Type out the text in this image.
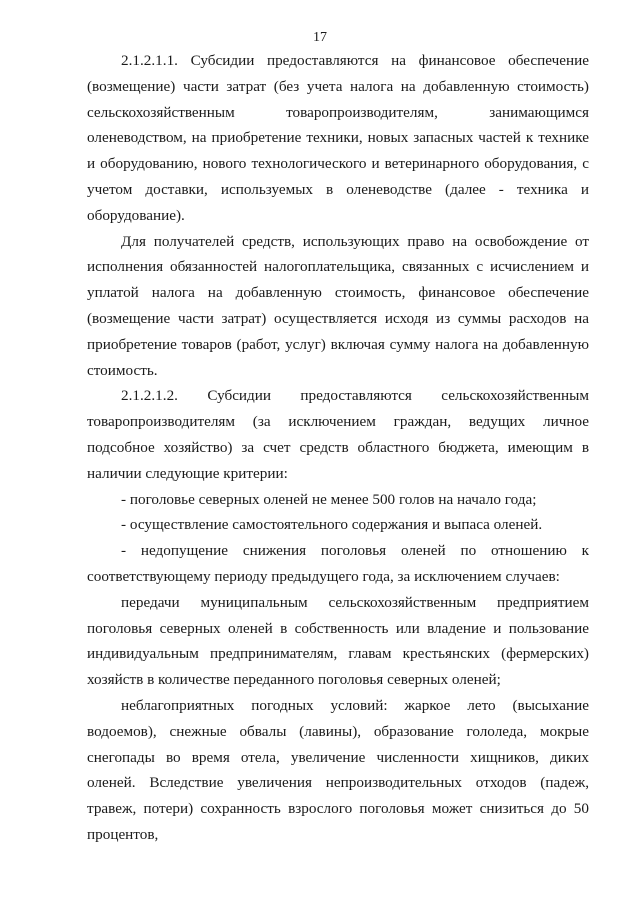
17

2.1.2.1.1. Субсидии предоставляются на финансовое обеспечение (возмещение) части затрат (без учета налога на добавленную стоимость) сельскохозяйственным товаропроизводителям, занимающимся оленеводством, на приобретение техники, новых запасных частей к технике и оборудованию, нового технологического и ветеринарного оборудования, с учетом доставки, используемых в оленеводстве (далее - техника и оборудование).

Для получателей средств, использующих право на освобождение от исполнения обязанностей налогоплательщика, связанных с исчислением и уплатой налога на добавленную стоимость, финансовое обеспечение (возмещение части затрат) осуществляется исходя из суммы расходов на приобретение товаров (работ, услуг) включая сумму налога на добавленную стоимость.

2.1.2.1.2. Субсидии предоставляются сельскохозяйственным товаропроизводителям (за исключением граждан, ведущих личное подсобное хозяйство) за счет средств областного бюджета, имеющим в наличии следующие критерии:

- поголовье северных оленей не менее 500 голов на начало года;

- осуществление самостоятельного содержания и выпаса оленей.

- недопущение снижения поголовья оленей по отношению к соответствующему периоду предыдущего года, за исключением случаев:

передачи муниципальным сельскохозяйственным предприятием поголовья северных оленей в собственность или владение и пользование индивидуальным предпринимателям, главам крестьянских (фермерских) хозяйств в количестве переданного поголовья северных оленей;

неблагоприятных погодных условий: жаркое лето (высыхание водоемов), снежные обвалы (лавины), образование гололеда, мокрые снегопады во время отела, увеличение численности хищников, диких оленей. Вследствие увеличения непроизводительных отходов (падеж, травеж, потери) сохранность взрослого поголовья может снизиться до 50 процентов,
